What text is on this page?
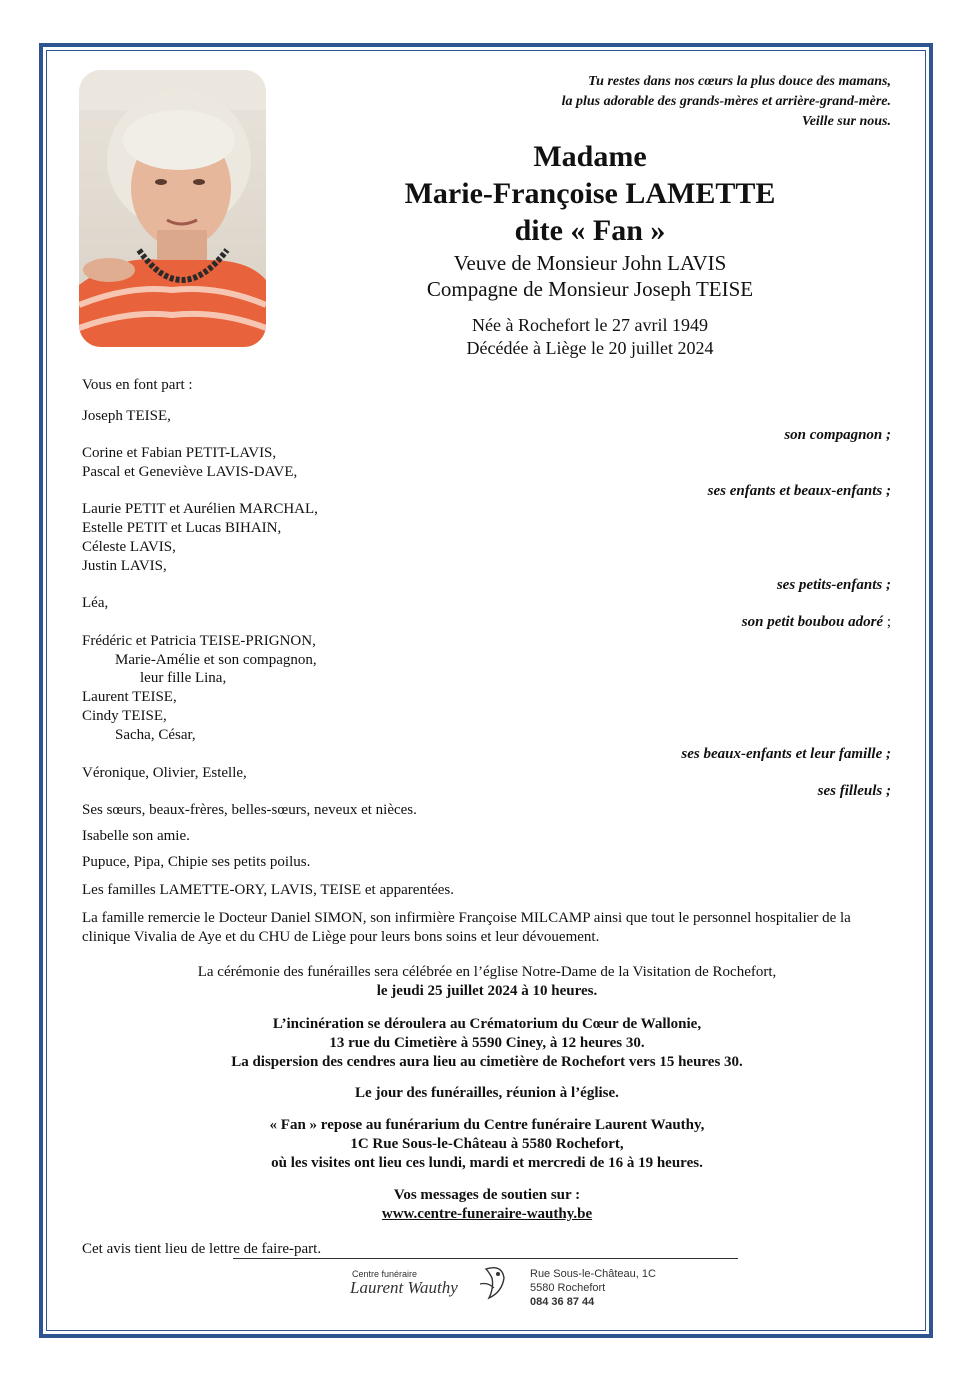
Tu restes dans nos cœurs la plus douce des mamans,
la plus adorable des grands-mères et arrière-grand-mère.
Veille sur nous.
Madame
Marie-Françoise LAMETTE
dite « Fan »
Veuve de Monsieur John LAVIS
Compagne de Monsieur Joseph TEISE
Née à Rochefort le 27 avril 1949
Décédée à Liège le 20 juillet 2024
Vous en font part :
Joseph TEISE,
son compagnon ;
Corine et Fabian PETIT-LAVIS,
Pascal et Geneviève LAVIS-DAVE,
ses enfants et beaux-enfants ;
Laurie PETIT et Aurélien MARCHAL,
Estelle PETIT et Lucas BIHAIN,
Céleste LAVIS,
Justin LAVIS,
ses petits-enfants ;
Léa,
son petit boubou adoré ;
Frédéric et Patricia TEISE-PRIGNON,
Marie-Amélie et son compagnon,
leur fille Lina,
Laurent TEISE,
Cindy TEISE,
Sacha, César,
ses beaux-enfants et leur famille ;
Véronique, Olivier, Estelle,
ses filleuls ;
Ses sœurs, beaux-frères, belles-sœurs, neveux et nièces.
Isabelle son amie.
Pupuce, Pipa, Chipie ses petits poilus.
Les familles LAMETTE-ORY, LAVIS, TEISE et apparentées.
La famille remercie le Docteur Daniel SIMON, son infirmière Françoise MILCAMP ainsi que tout le personnel hospitalier de la clinique Vivalia de Aye et du CHU de Liège pour leurs bons soins et leur dévouement.
La cérémonie des funérailles sera célébrée en l’église Notre-Dame de la Visitation de Rochefort,
le jeudi 25 juillet 2024 à 10 heures.
L’incinération se déroulera au Crématorium du Cœur de Wallonie,
13 rue du Cimetière à 5590 Ciney, à 12 heures 30.
La dispersion des cendres aura lieu au cimetière de Rochefort vers 15 heures 30.
Le jour des funérailles, réunion à l’église.
« Fan » repose au funérarium du Centre funéraire Laurent Wauthy,
1C Rue Sous-le-Château à 5580 Rochefort,
où les visites ont lieu ces lundi, mardi et mercredi de 16 à 19 heures.
Vos messages de soutien sur :
www.centre-funeraire-wauthy.be
Cet avis tient lieu de lettre de faire-part.
Centre funéraire
Laurent Wauthy
Rue Sous-le-Château, 1C
5580 Rochefort
084 36 87 44
